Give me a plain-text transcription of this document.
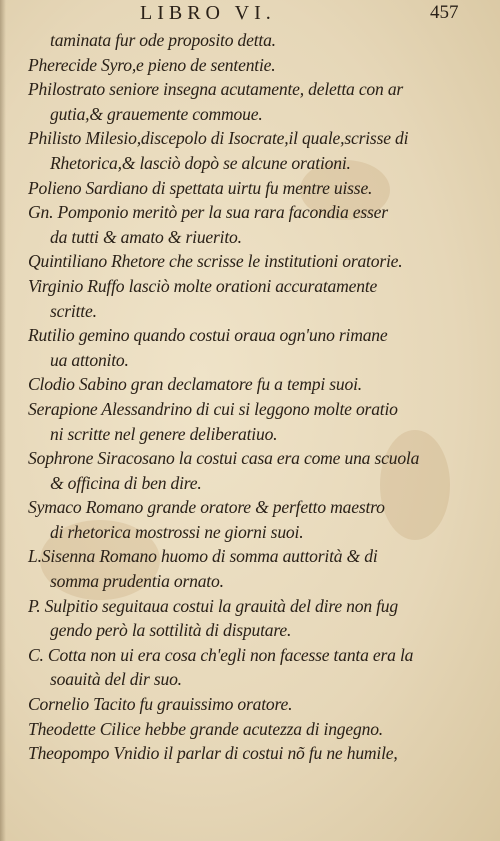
LIBRO VI.	457
taminata fur ode proposito detta.
Pherecide Syro,e pieno de sententie.
Philostrato seniore insegna acutamente, deletta con ar
gutia,& grauemente commoue.
Philisto Milesio,discepolo di Isocrate,il quale,scrisse di
Rhetorica,& lasciò dopò se alcune orationi.
Polieno Sardiano di spettata uirtu fu mentre uisse.
Gn. Pomponio meritò per la sua rara facondia esser
da tutti & amato & riuerito.
Quintiliano Rhetore che scrisse le institutioni oratorie.
Virginio Ruffo lasciò molte orationi accuratamente
scritte.
Rutilio gemino quando costui oraua ogn'uno rimane
ua attonito.
Clodio Sabino gran declamatore fu a tempi suoi.
Serapione Alessandrino di cui si leggono molte oratio
ni scritte nel genere deliberatiuo.
Sophrone Siracosano la costui casa era come una scuola
& officina di ben dire.
Symaco Romano grande oratore & perfetto maestro
di rhetorica mostrossi ne giorni suoi.
L.Sisenna Romano huomo di somma auttorità & di
somma prudentia ornato.
P. Sulpitio seguitaua costui la grauità del dire non fug
gendo però la sottilità di disputare.
C. Cotta non ui era cosa ch'egli non facesse tanta era la
soauità del dir suo.
Cornelio Tacito fu grauissimo oratore.
Theodette Cilice hebbe grande acutezza di ingegno.
Theopompo Vnidio il parlar di costui nõ fu ne humile,
